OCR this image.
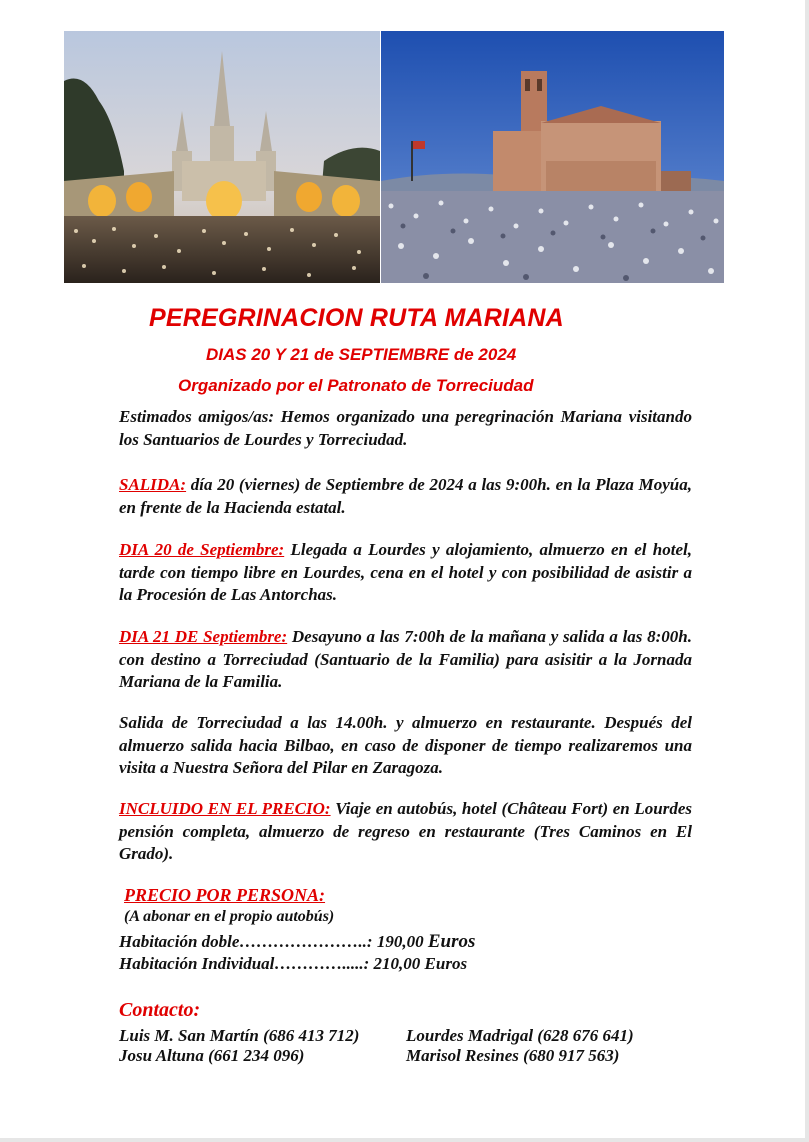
PEREGRINACION RUTA MARIANA
DIAS 20 Y 21 de SEPTIEMBRE de 2024
Organizado por el Patronato de Torreciudad
Estimados amigos/as: Hemos organizado una peregrinación Mariana visitando los Santuarios de Lourdes y Torreciudad.
SALIDA: día 20 (viernes) de Septiembre de 2024 a las 9:00h. en la Plaza Moyúa, en frente de la Hacienda estatal.
DIA 20 de Septiembre: Llegada a Lourdes y alojamiento, almuerzo en el hotel, tarde con tiempo libre en Lourdes, cena en el hotel y con posibilidad de asistir a la Procesión de Las Antorchas.
DIA 21 DE Septiembre: Desayuno a las 7:00h de la mañana y salida a las 8:00h. con destino a Torreciudad (Santuario de la Familia) para asisitir a la Jornada Mariana de la Familia.
Salida de Torreciudad a las 14.00h. y almuerzo en restaurante. Después del almuerzo salida hacia Bilbao, en caso de disponer de tiempo realizaremos una visita a Nuestra Señora del Pilar en Zaragoza.
INCLUIDO EN EL PRECIO: Viaje en autobús, hotel (Château Fort) en Lourdes pensión completa, almuerzo de regreso en restaurante (Tres Caminos en El Grado).
PRECIO POR PERSONA:
(A abonar en el propio autobús)
Habitación doble…………………..: 190,00 Euros
Habitación Individual………….....: 210,00 Euros
Contacto:
Luis M. San Martín (686 413 712)	Lourdes Madrigal (628 676 641)
Josu Altuna (661 234 096)	Marisol Resines (680 917 563)
